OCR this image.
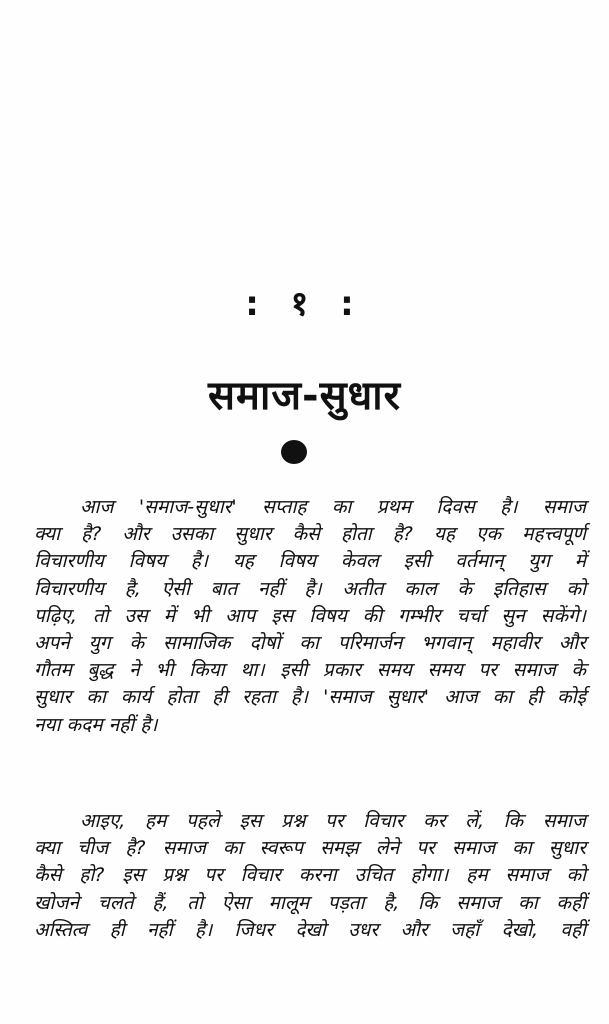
: १ :
समाज-सुधार
आज 'समाज-सुधार' सप्ताह का प्रथम दिवस है। समाज
क्या है? और उसका सुधार कैसे होता है? यह एक महत्त्वपूर्ण
विचारणीय विषय है। यह विषय केवल इसी वर्तमान् युग में
विचारणीय है, ऐसी बात नहीं है। अतीत काल के इतिहास को
पढ़िए, तो उस में भी आप इस विषय की गम्भीर चर्चा सुन सकेंगे।
अपने युग के सामाजिक दोषों का परिमार्जन भगवान् महावीर और
गौतम बुद्ध ने भी किया था। इसी प्रकार समय समय पर समाज के
सुधार का कार्य होता ही रहता है। 'समाज सुधार' आज का ही कोई
नया कदम नहीं है।
आइए, हम पहले इस प्रश्न पर विचार कर लें, कि समाज
क्या चीज है? समाज का स्वरूप समझ लेने पर समाज का सुधार
कैसे हो? इस प्रश्न पर विचार करना उचित होगा। हम समाज को
खोजने चलते हैं, तो ऐसा मालूम पड़ता है, कि समाज का कहीं
अस्तित्व ही नहीं है। जिधर देखो उधर और जहाँ देखो, वहीं
